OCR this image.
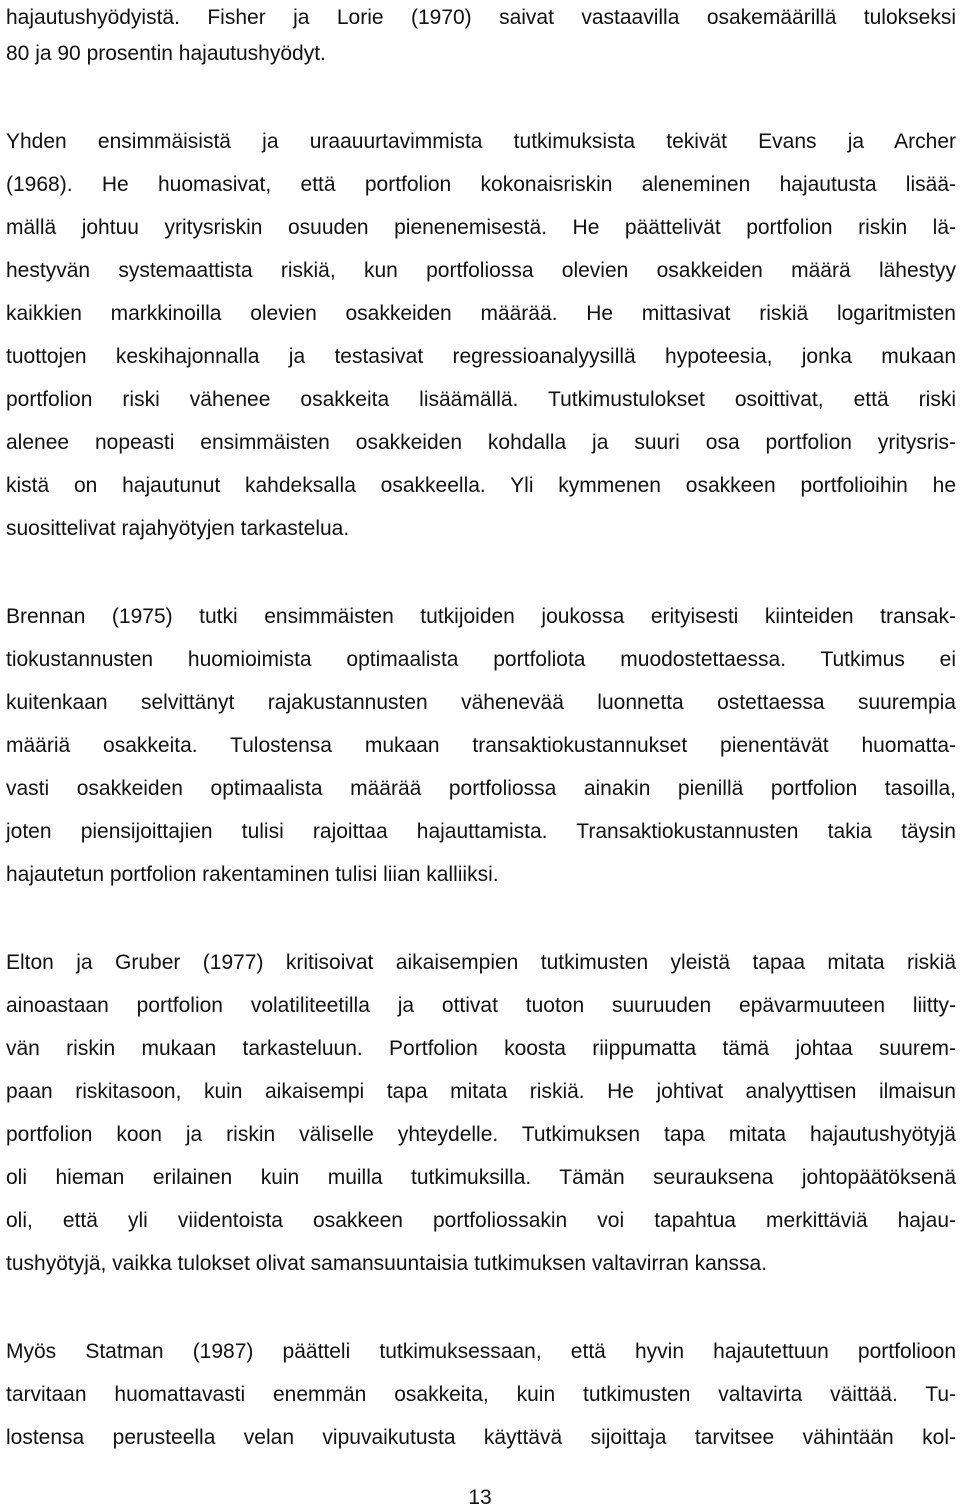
hajautushyödyistä. Fisher ja Lorie (1970) saivat vastaavilla osakemäärillä tulokseksi
80 ja 90 prosentin hajautushyödyt.
Yhden ensimmäisistä ja uraauurtavimmista tutkimuksista tekivät Evans ja Archer
(1968). He huomasivat, että portfolion kokonaisriskin aleneminen hajautusta lisää-
mällä johtuu yritysriskin osuuden pienenemisestä. He päättelivät portfolion riskin lä-
hestyvän systemaattista riskiä, kun portfoliossa olevien osakkeiden määrä lähestyy
kaikkien markkinoilla olevien osakkeiden määrää. He mittasivat riskiä logaritmisten
tuottojen keskihajonnalla ja testasivat regressioanalyysillä hypoteesia, jonka mukaan
portfolion riski vähenee osakkeita lisäämällä. Tutkimustulokset osoittivat, että riski
alenee nopeasti ensimmäisten osakkeiden kohdalla ja suuri osa portfolion yritysris-
kistä on hajautunut kahdeksalla osakkeella. Yli kymmenen osakkeen portfolioihin he
suosittelivat rajahyötyjen tarkastelua.
Brennan (1975) tutki ensimmäisten tutkijoiden joukossa erityisesti kiinteiden transak-
tiokustannusten huomioimista optimaalista portfoliota muodostettaessa. Tutkimus ei
kuitenkaan selvittänyt rajakustannusten vähenevää luonnetta ostettaessa suurempia
määriä osakkeita. Tulostensa mukaan transaktiokustannukset pienentävät huomatta-
vasti osakkeiden optimaalista määrää portfoliossa ainakin pienillä portfolion tasoilla,
joten piensijoittajien tulisi rajoittaa hajauttamista. Transaktiokustannusten takia täysin
hajautetun portfolion rakentaminen tulisi liian kalliiksi.
Elton ja Gruber (1977) kritisoivat aikaisempien tutkimusten yleistä tapaa mitata riskiä
ainoastaan portfolion volatiliteetilla ja ottivat tuoton suuruuden epävarmuuteen liitty-
vän riskin mukaan tarkasteluun. Portfolion koosta riippumatta tämä johtaa suurem-
paan riskitasoon, kuin aikaisempi tapa mitata riskiä. He johtivat analyyttisen ilmaisun
portfolion koon ja riskin väliselle yhteydelle. Tutkimuksen tapa mitata hajautushyötyjä
oli hieman erilainen kuin muilla tutkimuksilla. Tämän seurauksena johtopäätöksenä
oli, että yli viidentoista osakkeen portfoliossakin voi tapahtua merkittäviä hajau-
tushyötyjä, vaikka tulokset olivat samansuuntaisia tutkimuksen valtavirran kanssa.
Myös Statman (1987) päätteli tutkimuksessaan, että hyvin hajautettuun portfolioon
tarvitaan huomattavasti enemmän osakkeita, kuin tutkimusten valtavirta väittää. Tu-
lostensa perusteella velan vipuvaikutusta käyttävä sijoittaja tarvitsee vähintään kol-
13
